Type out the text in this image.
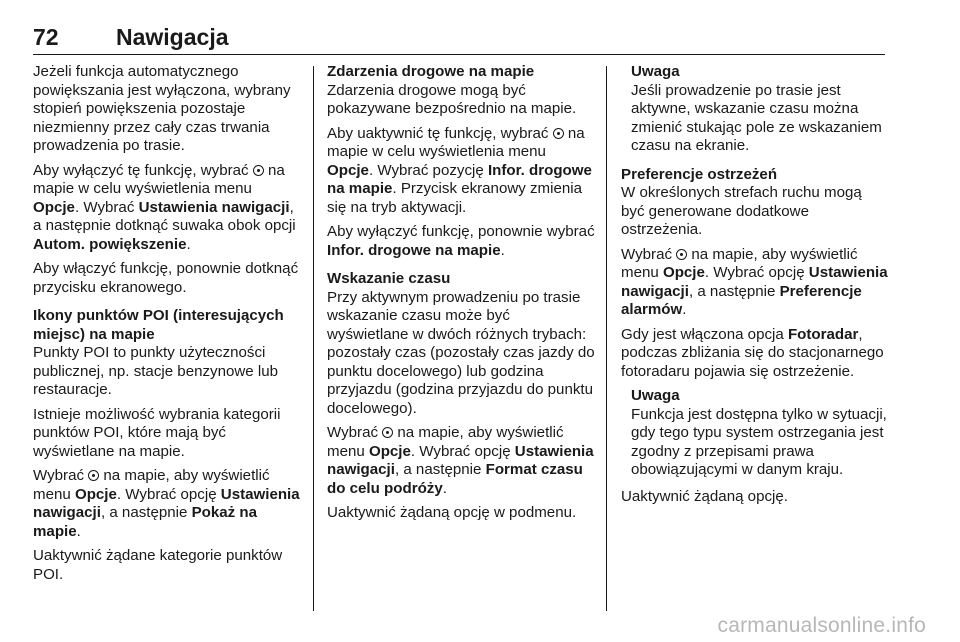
72 Nawigacja

Jeżeli funkcja automatycznego powiększania jest wyłączona, wybrany stopień powiększenia pozostaje niezmienny przez cały czas trwania prowadzenia po trasie.

Aby wyłączyć tę funkcję, wybrać  na mapie w celu wyświetlenia menu Opcje. Wybrać Ustawienia nawigacji, a następnie dotknąć suwaka obok opcji Autom. powiększenie.

Aby włączyć funkcję, ponownie dotknąć przycisku ekranowego.

Ikony punktów POI (interesujących miejsc) na mapie

Punkty POI to punkty użyteczności publicznej, np. stacje benzynowe lub restauracje.

Istnieje możliwość wybrania kategorii punktów POI, które mają być wyświetlane na mapie.

Wybrać  na mapie, aby wyświetlić menu Opcje. Wybrać opcję Ustawienia nawigacji, a następnie Pokaż na mapie.

Uaktywnić żądane kategorie punktów POI.

Zdarzenia drogowe na mapie

Zdarzenia drogowe mogą być pokazywane bezpośrednio na mapie.

Aby uaktywnić tę funkcję, wybrać  na mapie w celu wyświetlenia menu Opcje. Wybrać pozycję Infor. drogowe na mapie. Przycisk ekranowy zmienia się na tryb aktywacji.

Aby wyłączyć funkcję, ponownie wybrać Infor. drogowe na mapie.

Wskazanie czasu

Przy aktywnym prowadzeniu po trasie wskazanie czasu może być wyświetlane w dwóch różnych trybach: pozostały czas (pozostały czas jazdy do punktu docelowego) lub godzina przyjazdu (godzina przyjazdu do punktu docelowego).

Wybrać  na mapie, aby wyświetlić menu Opcje. Wybrać opcję Ustawienia nawigacji, a następnie Format czasu do celu podróży.

Uaktywnić żądaną opcję w podmenu.

Uwaga
Jeśli prowadzenie po trasie jest aktywne, wskazanie czasu można zmienić stukając pole ze wskazaniem czasu na ekranie.
Preferencje ostrzeżeń

W określonych strefach ruchu mogą być generowane dodatkowe ostrzeżenia.

Wybrać  na mapie, aby wyświetlić menu Opcje. Wybrać opcję Ustawienia nawigacji, a następnie Preferencje alarmów.

Gdy jest włączona opcja Fotoradar, podczas zbliżania się do stacjonarnego fotoradaru pojawia się ostrzeżenie.

Uwaga
Funkcja jest dostępna tylko w sytuacji, gdy tego typu system ostrzegania jest zgodny z przepisami prawa obowiązującymi w danym kraju.

Uaktywnić żądaną opcję.

carmanualsonline.info
